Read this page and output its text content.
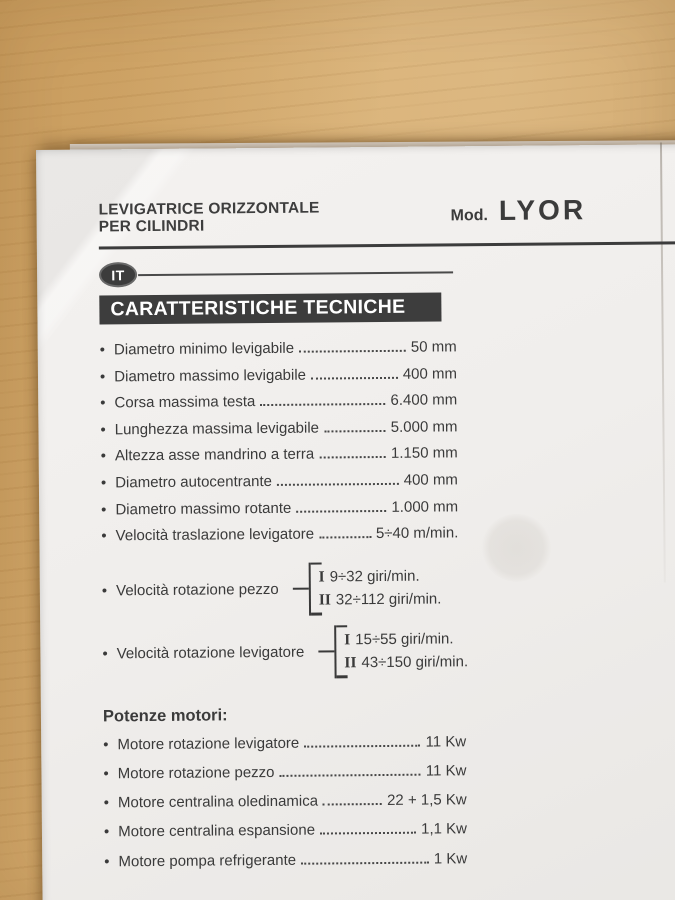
LEVIGATRICE ORIZZONTALE
PER CILINDRI
Mod. LYOR
IT
CARATTERISTICHE TECNICHE
• Diametro minimo levigabile	50 mm
• Diametro massimo levigabile	400 mm
• Corsa massima testa	6.400 mm
• Lunghezza massima levigabile	5.000 mm
• Altezza asse mandrino a terra	1.150 mm
• Diametro autocentrante	400 mm
• Diametro massimo rotante	1.000 mm
• Velocità traslazione levigatore	5÷40 m/min.
• Velocità rotazione pezzo
I 9÷32 giri/min.
II 32÷112 giri/min.
• Velocità rotazione levigatore
I 15÷55 giri/min.
II 43÷150 giri/min.
Potenze motori:
• Motore rotazione levigatore	11 Kw
• Motore rotazione pezzo	11 Kw
• Motore centralina oledinamica	22 + 1,5 Kw
• Motore centralina espansione	1,1 Kw
• Motore pompa refrigerante	1 Kw
